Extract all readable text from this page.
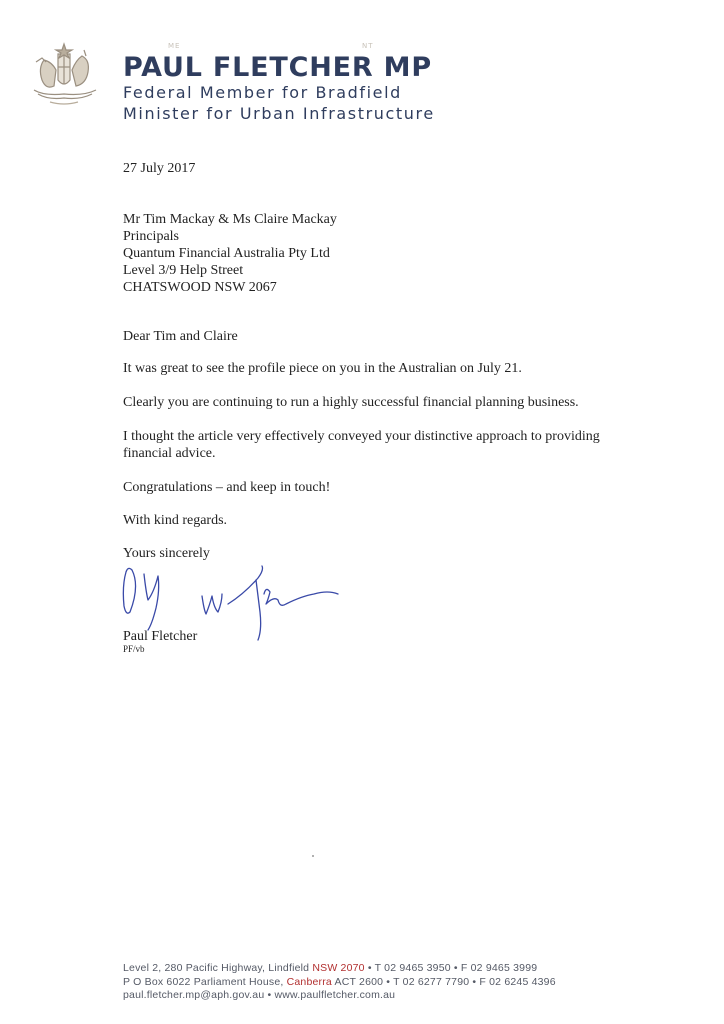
ME	NT

PAUL FLETCHER MP

Federal Member for Bradfield

Minister for Urban Infrastructure

27 July 2017
Mr Tim Mackay & Ms Claire Mackay
Principals
Quantum Financial Australia Pty Ltd
Level 3/9 Help Street
CHATSWOOD NSW 2067
Dear Tim and Claire
It was great to see the profile piece on you in the Australian on July 21.
Clearly you are continuing to run a highly successful financial planning business.
I thought the article very effectively conveyed your distinctive approach to providing financial advice.
Congratulations – and keep in touch!
With kind regards.
Yours sincerely
Paul Fletcher
PF/vb
Level 2, 280 Pacific Highway, Lindfield NSW 2070 • T 02 9465 3950 • F 02 9465 3999
P O Box 6022 Parliament House, Canberra ACT 2600 • T 02 6277 7790 • F 02 6245 4396
paul.fletcher.mp@aph.gov.au • www.paulfletcher.com.au
